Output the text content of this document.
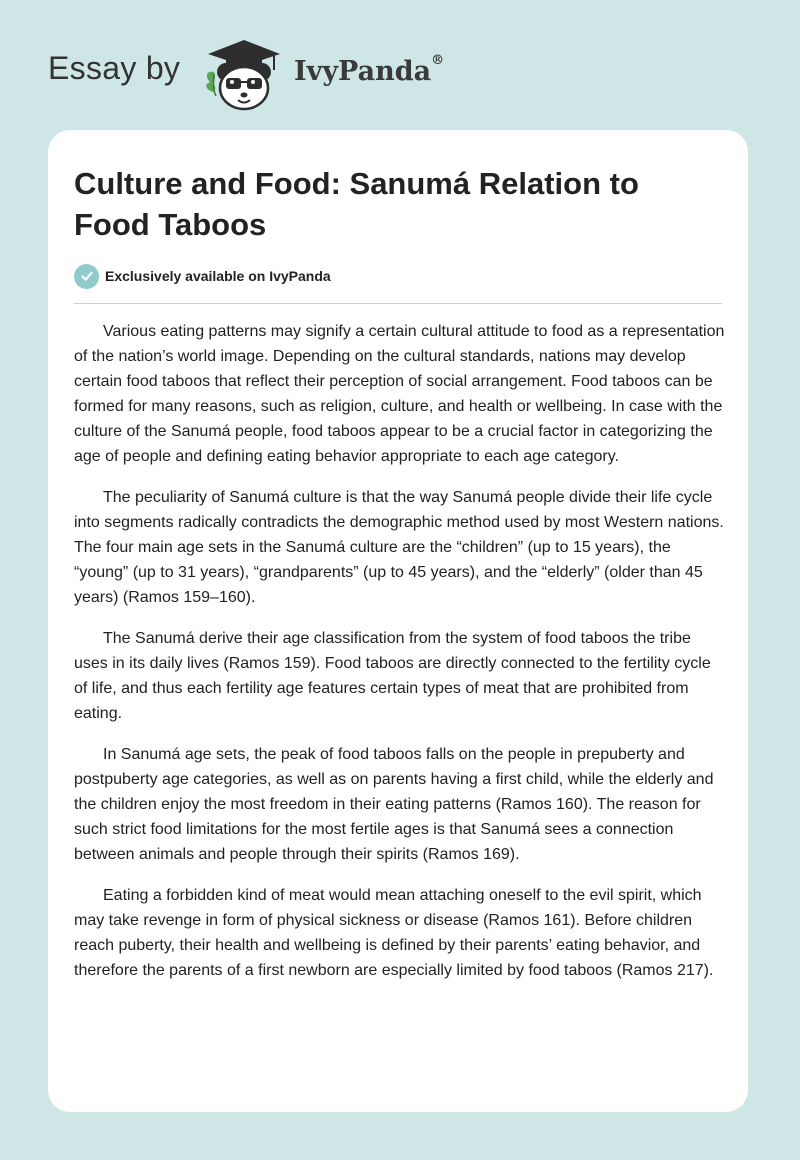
Essay by	IvyPanda®
Culture and Food: Sanumá Relation to Food Taboos
Exclusively available on IvyPanda

Various eating patterns may signify a certain cultural attitude to food as a representation of the nation’s world image. Depending on the cultural standards, nations may develop certain food taboos that reflect their perception of social arrangement. Food taboos can be formed for many reasons, such as religion, culture, and health or wellbeing. In case with the culture of the Sanumá people, food taboos appear to be a crucial factor in categorizing the age of people and defining eating behavior appropriate to each age category.

The peculiarity of Sanumá culture is that the way Sanumá people divide their life cycle into segments radically contradicts the demographic method used by most Western nations. The four main age sets in the Sanumá culture are the “children” (up to 15 years), the “young” (up to 31 years), “grandparents” (up to 45 years), and the “elderly” (older than 45 years) (Ramos 159–160).

The Sanumá derive their age classification from the system of food taboos the tribe uses in its daily lives (Ramos 159). Food taboos are directly connected to the fertility cycle of life, and thus each fertility age features certain types of meat that are prohibited from eating.

In Sanumá age sets, the peak of food taboos falls on the people in prepuberty and postpuberty age categories, as well as on parents having a first child, while the elderly and the children enjoy the most freedom in their eating patterns (Ramos 160). The reason for such strict food limitations for the most fertile ages is that Sanumá sees a connection between animals and people through their spirits (Ramos 169).

Eating a forbidden kind of meat would mean attaching oneself to the evil spirit, which may take revenge in form of physical sickness or disease (Ramos 161). Before children reach puberty, their health and wellbeing is defined by their parents’ eating behavior, and therefore the parents of a first newborn are especially limited by food taboos (Ramos 217).
